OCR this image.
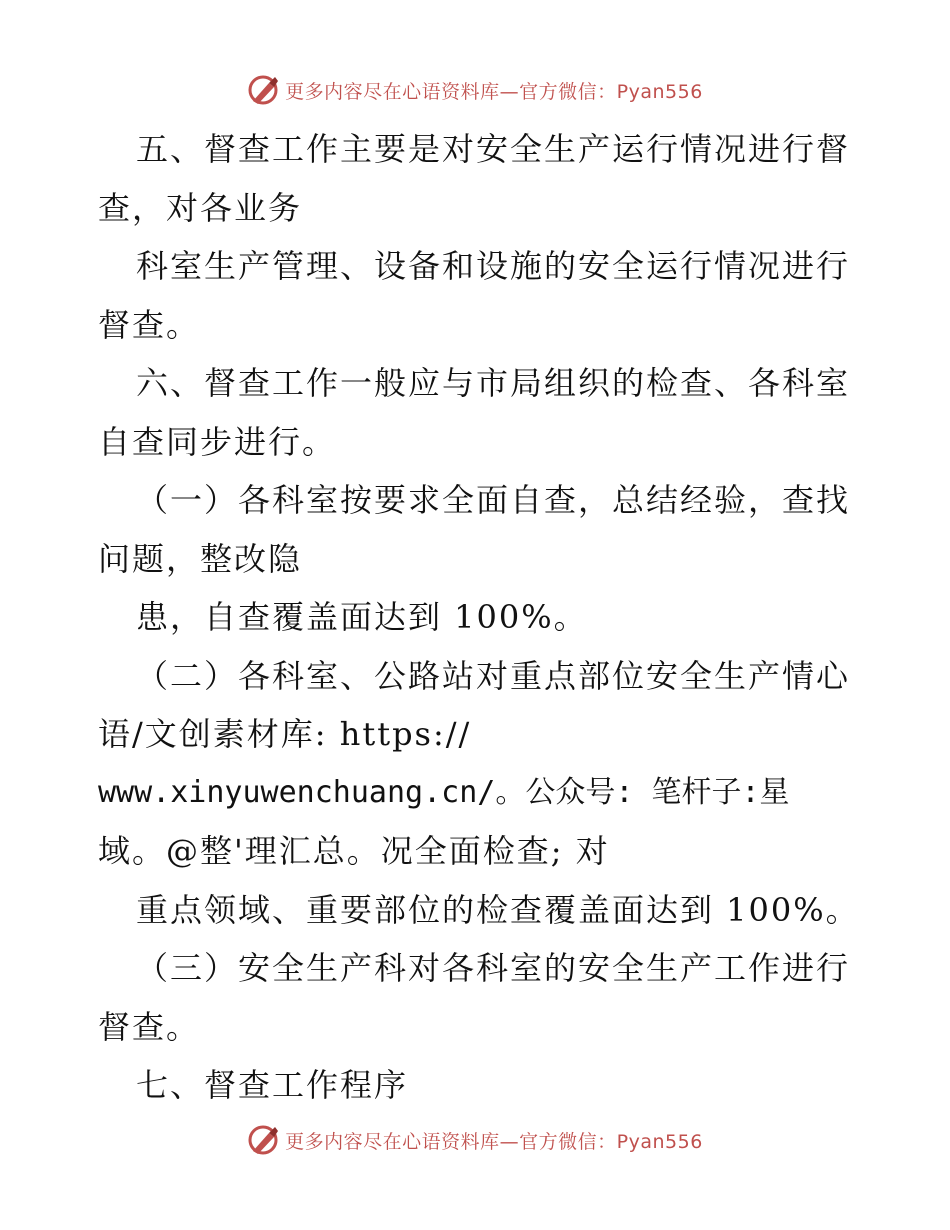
更多内容尽在心语资料库—官方微信：Pyan556
五、督查工作主要是对安全生产运行情况进行督
查，对各业务
科室生产管理、设备和设施的安全运行情况进行
督查。
六、督查工作一般应与市局组织的检查、各科室
自查同步进行。
（一）各科室按要求全面自查，总结经验，查找
问题，整改隐
患，自查覆盖面达到 100%。
（二）各科室、公路站对重点部位安全生产情心
语/文创素材库: https://
www.xinyuwenchuang.cn/。公众号: 笔杆子:星
域。@整'理汇总。况全面检查; 对
重点领域、重要部位的检查覆盖面达到 100%。
（三）安全生产科对各科室的安全生产工作进行
督查。
七、督查工作程序
更多内容尽在心语资料库—官方微信：Pyan556
